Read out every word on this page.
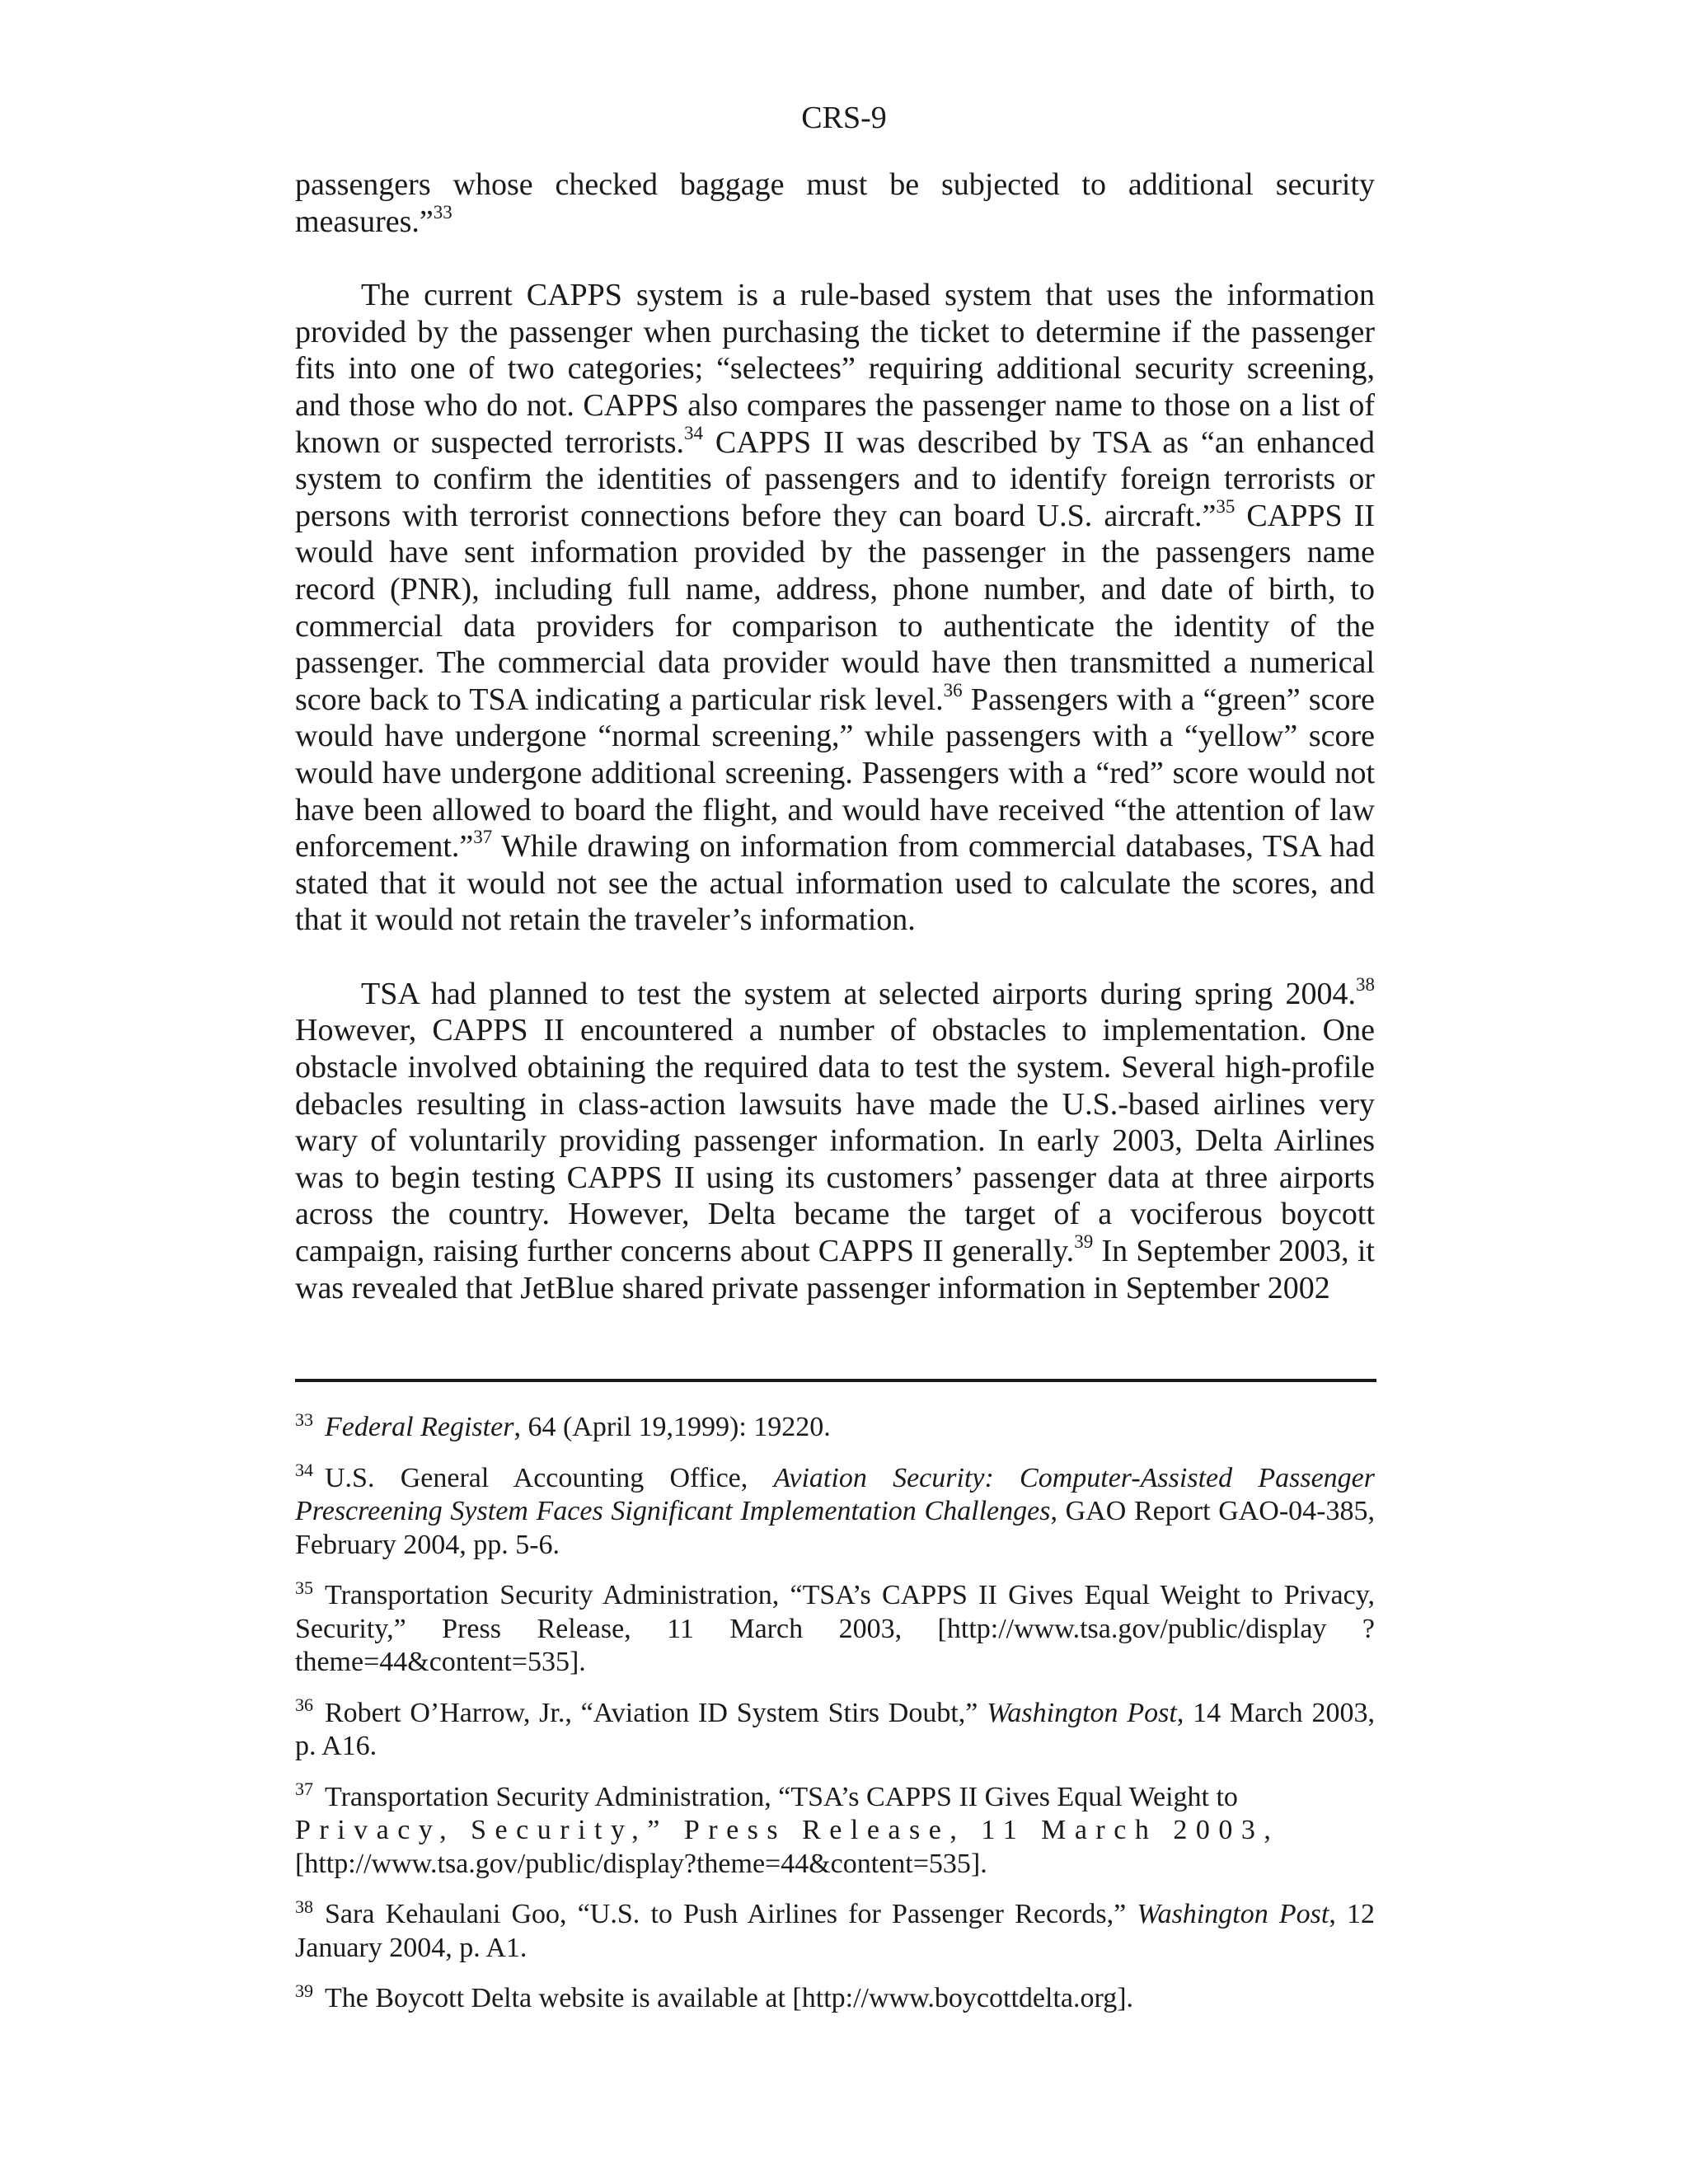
CRS-9

passengers whose checked baggage must be subjected to additional security measures.”$^{33}$

The current CAPPS system is a rule-based system that uses the information provided by the passenger when purchasing the ticket to determine if the passenger fits into one of two categories; “selectees” requiring additional security screening, and those who do not. CAPPS also compares the passenger name to those on a list of known or suspected terrorists.$^{34}$ CAPPS II was described by TSA as “an enhanced system to confirm the identities of passengers and to identify foreign terrorists or persons with terrorist connections before they can board U.S. aircraft.”$^{35}$ CAPPS II would have sent information provided by the passenger in the passengers name record (PNR), including full name, address, phone number, and date of birth, to commercial data providers for comparison to authenticate the identity of the passenger. The commercial data provider would have then transmitted a numerical score back to TSA indicating a particular risk level.$^{36}$ Passengers with a “green” score would have undergone “normal screening,” while passengers with a “yellow” score would have undergone additional screening. Passengers with a “red” score would not have been allowed to board the flight, and would have received “the attention of law enforcement.”$^{37}$ While drawing on information from commercial databases, TSA had stated that it would not see the actual information used to calculate the scores, and that it would not retain the traveler’s information.

TSA had planned to test the system at selected airports during spring 2004.38 However, CAPPS II encountered a number of obstacles to implementation. One obstacle involved obtaining the required data to test the system. Several high-profile debacles resulting in class-action lawsuits have made the U.S.-based airlines very wary of voluntarily providing passenger information. In early 2003, Delta Airlines was to begin testing CAPPS II using its customers’ passenger data at three airports across the country. However, Delta became the target of a vociferous boycott campaign, raising further concerns about CAPPS II generally.$^{39}$ In September 2003, it was revealed that JetBlue shared private passenger information in September 2002

$^{33}$ Federal Register, 64 (April 19,1999): 19220.

$^{34}$ U.S. General Accounting Office, Aviation Security: Computer-Assisted Passenger Prescreening System Faces Significant Implementation Challenges, GAO Report GAO-04-385, February 2004, pp. 5-6.

$^{35}$ Transportation Security Administration, “TSA’s CAPPS II Gives Equal Weight to Privacy, Security,” Press Release, 11 March 2003, [http://www.tsa.gov/public/display ?theme=44&content=535].

$^{36}$ Robert O’Harrow, Jr., “Aviation ID System Stirs Doubt,” Washington Post, 14 March 2003, p. A16.

$^{37}$ Transportation Security Administration, “TSA’s CAPPS II Gives Equal Weight to
Privacy, Security,” Press Release, 11 March 2003,
[http://www.tsa.gov/public/display?theme=44&content=535].

$^{38}$ Sara Kehaulani Goo, “U.S. to Push Airlines for Passenger Records,” Washington Post, 12 January 2004, p. A1.

$^{39}$ The Boycott Delta website is available at [http://www.boycottdelta.org].
